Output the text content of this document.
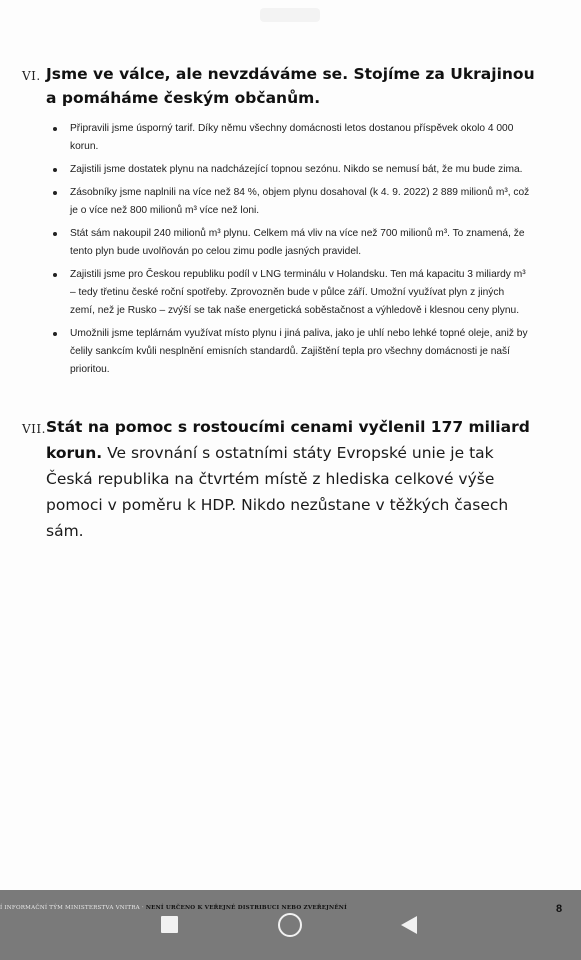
VI. Jsme ve válce, ale nevzdáváme se. Stojíme za Ukrajinou a pomáháme českým občanům.
Připravili jsme úsporný tarif. Díky němu všechny domácnosti letos dostanou příspěvek okolo 4 000 korun.
Zajistili jsme dostatek plynu na nadcházející topnou sezónu. Nikdo se nemusí bát, že mu bude zima.
Zásobníky jsme naplnili na více než 84 %, objem plynu dosahoval (k 4. 9. 2022) 2 889 milionů m³, což je o více než 800 milionů m³ více než loni.
Stát sám nakoupil 240 milionů m³ plynu. Celkem má vliv na více než 700 milionů m³. To znamená, že tento plyn bude uvolňován po celou zimu podle jasných pravidel.
Zajistili jsme pro Českou republiku podíl v LNG terminálu v Holandsku. Ten má kapacitu 3 miliardy m³ – tedy třetinu české roční spotřeby. Zprovozněn bude v půlce září. Umožní využívat plyn z jiných zemí, než je Rusko – zvýší se tak naše energetická soběstačnost a výhledově i klesnou ceny plynu.
Umožnili jsme teplárnám využívat místo plynu i jiná paliva, jako je uhlí nebo lehké topné oleje, aniž by čelily sankcím kvůli nesplnění emisních standardů. Zajištění tepla pro všechny domácnosti je naší prioritou.
VII. Stát na pomoc s rostoucími cenami vyčlenil 177 miliard korun. Ve srovnání s ostatními státy Evropské unie je tak Česká republika na čtvrtém místě z hlediska celkové výše pomoci v poměru k HDP. Nikdo nezůstane v těžkých časech sám.

Í INFORMAČNÍ TÝM MINISTERSTVA VNITRA · NENÍ URČENO K VEŘEJNÉ DISTRIBUCI NEBO ZVEŘEJNĚNÍ	8
